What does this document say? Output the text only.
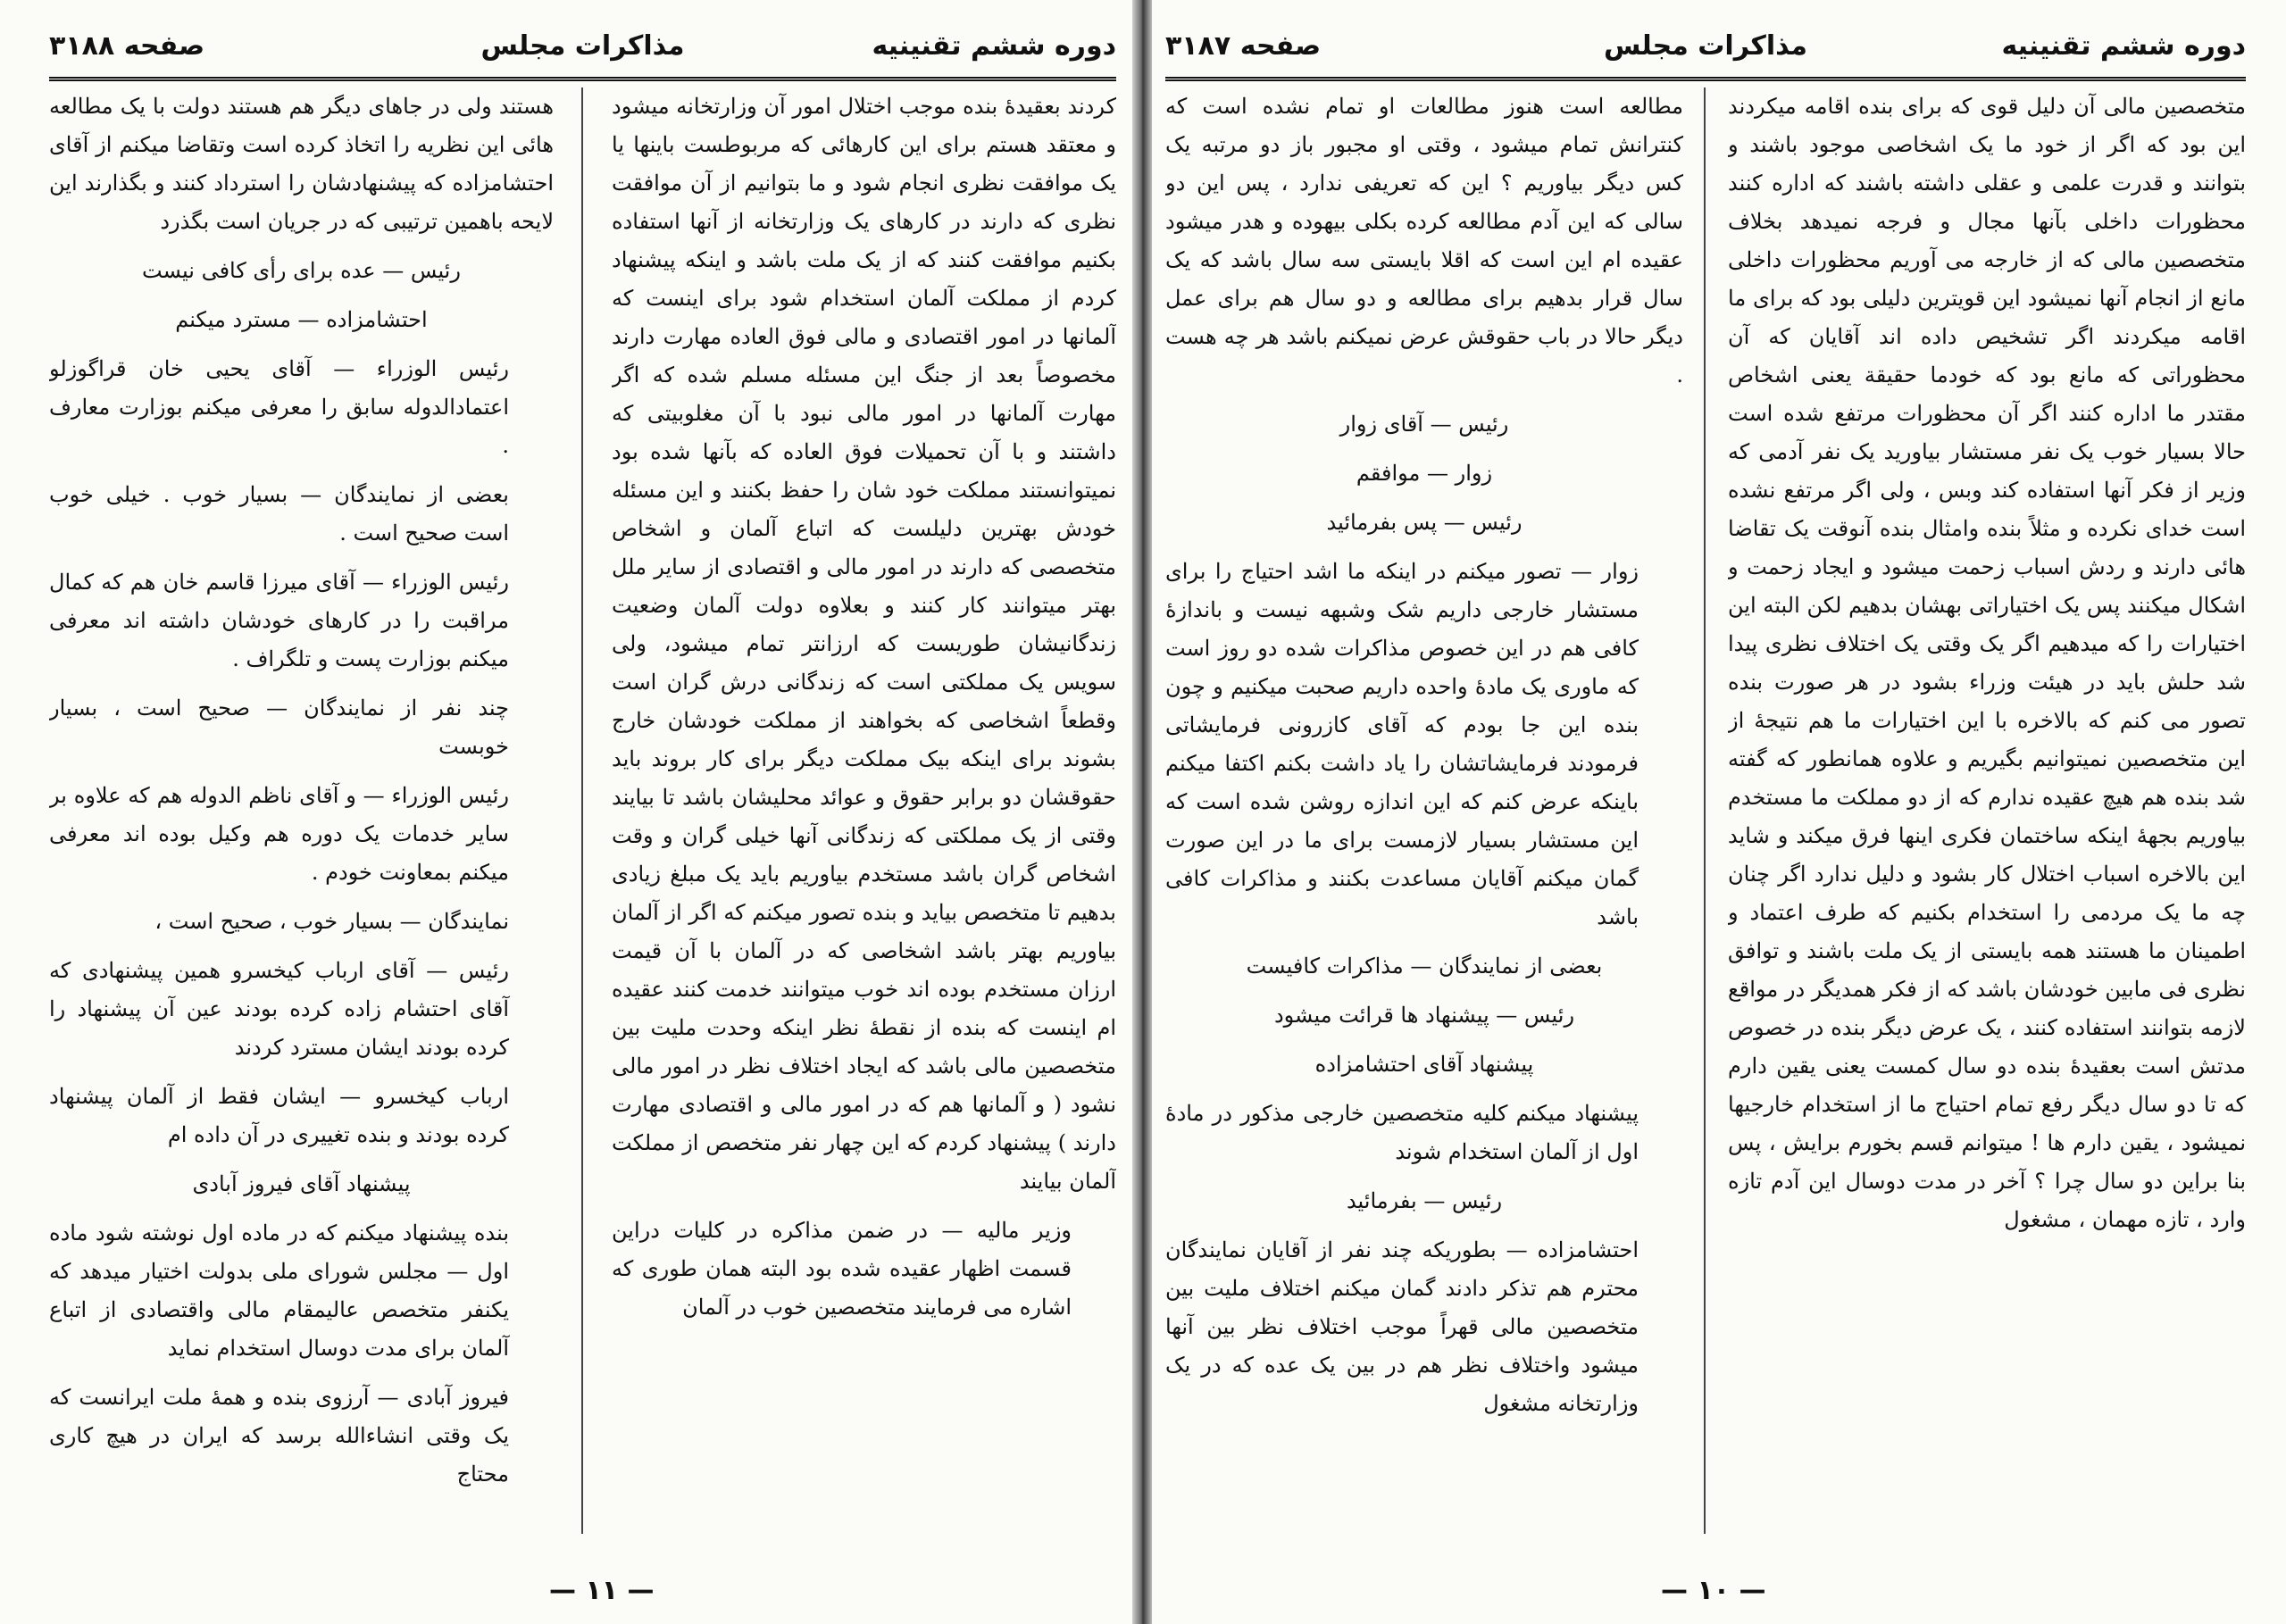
دوره ششم تقنینیه
مذاکرات مجلس
صفحه ۳۱۸۸

کردند بعقیدهٔ بنده موجب اختلال امور آن وزارتخانه میشود و معتقد هستم برای این کارهائی که مربوطست باینها یا یک موافقت نظری انجام شود و ما بتوانیم از آن موافقت نظری که دارند در کارهای یک وزارتخانه از آنها استفاده بکنیم موافقت کنند که از یک ملت باشد و اینکه پیشنهاد کردم از مملکت آلمان استخدام شود برای اینست که آلمانها در امور اقتصادی و مالی فوق العاده مهارت دارند مخصوصاً بعد از جنگ این مسئله مسلم شده که اگر مهارت آلمانها در امور مالی نبود با آن مغلوبیتی که داشتند و با آن تحمیلات فوق العاده که بآنها شده بود نمیتوانستند مملکت خود شان را حفظ بکنند و این مسئله خودش بهترین دلیلست که اتباع آلمان و اشخاص متخصصی که دارند در امور مالی و اقتصادی از سایر ملل بهتر میتوانند کار کنند و بعلاوه دولت آلمان وضعیت زندگانیشان طوریست که ارزانتر تمام میشود، ولی سویس یک مملکتی است که زندگانی درش گران است وقطعاً اشخاصی که بخواهند از مملکت خودشان خارج بشوند برای اینکه بیک مملکت دیگر برای کار بروند باید حقوقشان دو برابر حقوق و عوائد محلیشان باشد تا بیایند وقتی از یک مملکتی که زندگانی آنها خیلی گران و وقت اشخاص گران باشد مستخدم بیاوریم باید یک مبلغ زیادی بدهیم تا متخصص بیاید و بنده تصور میکنم که اگر از آلمان بیاوریم بهتر باشد اشخاصی که در آلمان با آن قیمت ارزان مستخدم بوده اند خوب میتوانند خدمت کنند عقیده ام اینست که بنده از نقطهٔ نظر اینکه وحدت ملیت بین متخصصین مالی باشد که ایجاد اختلاف نظر در امور مالی نشود ( و آلمانها هم که در امور مالی و اقتصادی مهارت دارند ) پیشنهاد کردم که این چهار نفر متخصص از مملکت آلمان بیایند

وزیر مالیه — در ضمن مذاکره در کلیات دراین قسمت اظهار عقیده شده بود البته همان طوری که اشاره می فرمایند متخصصین خوب در آلمان

هستند ولی در جاهای دیگر هم هستند دولت با یک مطالعه هائی این نظریه را اتخاذ کرده است وتقاضا میکنم از آقای احتشامزاده که پیشنهادشان را استرداد کنند و بگذارند این لایحه باهمین ترتیبی که در جریان است بگذرد

رئیس — عده برای رأی کافی نیست

احتشامزاده — مسترد میکنم

رئیس الوزراء — آقای یحیی خان قراگوزلو اعتمادالدوله سابق را معرفی میکنم بوزارت معارف .

بعضی از نمایندگان — بسیار خوب . خیلی خوب است صحیح است .

رئیس الوزراء — آقای میرزا قاسم خان هم که کمال مراقبت را در کارهای خودشان داشته اند معرفی میکنم بوزارت پست و تلگراف .

چند نفر از نمایندگان — صحیح است ، بسیار خوبست

رئیس الوزراء — و آقای ناظم الدوله هم که علاوه بر سایر خدمات یک دوره هم وکیل بوده اند معرفی میکنم بمعاونت خودم .

نمایندگان — بسیار خوب ، صحیح است ،

رئیس — آقای ارباب کیخسرو همین پیشنهادی که آقای احتشام زاده کرده بودند عین آن پیشنهاد را کرده بودند ایشان مسترد کردند

ارباب کیخسرو — ایشان فقط از آلمان پیشنهاد کرده بودند و بنده تغییری در آن داده ام

پیشنهاد آقای فیروز آبادی

بنده پیشنهاد میکنم که در ماده اول نوشته شود ماده اول — مجلس شورای ملی بدولت اختیار میدهد که یکنفر متخصص عالیمقام مالی واقتصادی از اتباع آلمان برای مدت دوسال استخدام نماید

فیروز آبادی — آرزوی بنده و همهٔ ملت ایرانست که یک وقتی انشاءالله برسد که ایران در هیچ کاری محتاج

— ۱۱ —
دوره ششم تقنینیه
مذاکرات مجلس
صفحه ۳۱۸۷

متخصصین مالی آن دلیل قوی که برای بنده اقامه میکردند این بود که اگر از خود ما یک اشخاصی موجود باشند و بتوانند و قدرت علمی و عقلی داشته باشند که اداره کنند محظورات داخلی بآنها مجال و فرجه نمیدهد بخلاف متخصصین مالی که از خارجه می آوریم محظورات داخلی مانع از انجام آنها نمیشود این قویترین دلیلی بود که برای ما اقامه میکردند اگر تشخیص داده اند آقایان که آن محظوراتی که مانع بود که خودما حقیقة یعنی اشخاص مقتدر ما اداره کنند اگر آن محظورات مرتفع شده است حالا بسیار خوب یک نفر مستشار بیاورید یک نفر آدمی که وزیر از فکر آنها استفاده کند وبس ، ولی اگر مرتفع نشده است خدای نکرده و مثلاً بنده وامثال بنده آنوقت یک تقاضا هائی دارند و ردش اسباب زحمت میشود و ایجاد زحمت و اشکال میکنند پس یک اختیاراتی بهشان بدهیم لکن البته این اختیارات را که میدهیم اگر یک وقتی یک اختلاف نظری پیدا شد حلش باید در هیئت وزراء بشود در هر صورت بنده تصور می کنم که بالاخره با این اختیارات ما هم نتیجهٔ از این متخصصین نمیتوانیم بگیریم و علاوه همانطور که گفته شد بنده هم هیچ عقیده ندارم که از دو مملکت ما مستخدم بیاوریم بجههٔ اینکه ساختمان فکری اینها فرق میکند و شاید این بالاخره اسباب اختلال کار بشود و دلیل ندارد اگر چنان چه ما یک مردمی را استخدام بکنیم که طرف اعتماد و اطمینان ما هستند همه بایستی از یک ملت باشند و توافق نظری فی مابین خودشان باشد که از فکر همدیگر در مواقع لازمه بتوانند استفاده کنند ، یک عرض دیگر بنده در خصوص مدتش است بعقیدهٔ بنده دو سال کمست یعنی یقین دارم که تا دو سال دیگر رفع تمام احتیاج ما از استخدام خارجیها نمیشود ، یقین دارم ها ! میتوانم قسم بخورم برایش ، پس بنا براین دو سال چرا ؟ آخر در مدت دوسال این آدم تازه وارد ، تازه مهمان ، مشغول

مطالعه است هنوز مطالعات او تمام نشده است که کنترانش تمام میشود ، وقتی او مجبور باز دو مرتبه یک کس دیگر بیاوریم ؟ این که تعریفی ندارد ، پس این دو سالی که این آدم مطالعه کرده بکلی بیهوده و هدر میشود عقیده ام این است که اقلا بایستی سه سال باشد که یک سال قرار بدهیم برای مطالعه و دو سال هم برای عمل دیگر حالا در باب حقوقش عرض نمیکنم باشد هر چه هست .

رئیس — آقای زوار

زوار — موافقم

رئیس — پس بفرمائید

زوار — تصور میکنم در اینکه ما اشد احتیاج را برای مستشار خارجی داریم شک وشبهه نیست و باندازهٔ کافی هم در این خصوص مذاکرات شده دو روز است که ماوری یک مادهٔ واحده داریم صحبت میکنیم و چون بنده این جا بودم که آقای کازرونی فرمایشاتی فرمودند فرمایشاتشان را یاد داشت بکنم اکتفا میکنم باینکه عرض کنم که این اندازه روشن شده است که این مستشار بسیار لازمست برای ما در این صورت گمان میکنم آقایان مساعدت بکنند و مذاکرات کافی باشد

بعضی از نمایندگان — مذاکرات کافیست

رئیس — پیشنهاد ها قرائت میشود

پیشنهاد آقای احتشامزاده

پیشنهاد میکنم کلیه متخصصین خارجی مذکور در مادهٔ اول از آلمان استخدام شوند

رئیس — بفرمائید

احتشامزاده — بطوریکه چند نفر از آقایان نمایندگان محترم هم تذکر دادند گمان میکنم اختلاف ملیت بین متخصصین مالی قهراً موجب اختلاف نظر بین آنها میشود واختلاف نظر هم در بین یک عده که در یک وزارتخانه مشغول

— ۱۰ —
